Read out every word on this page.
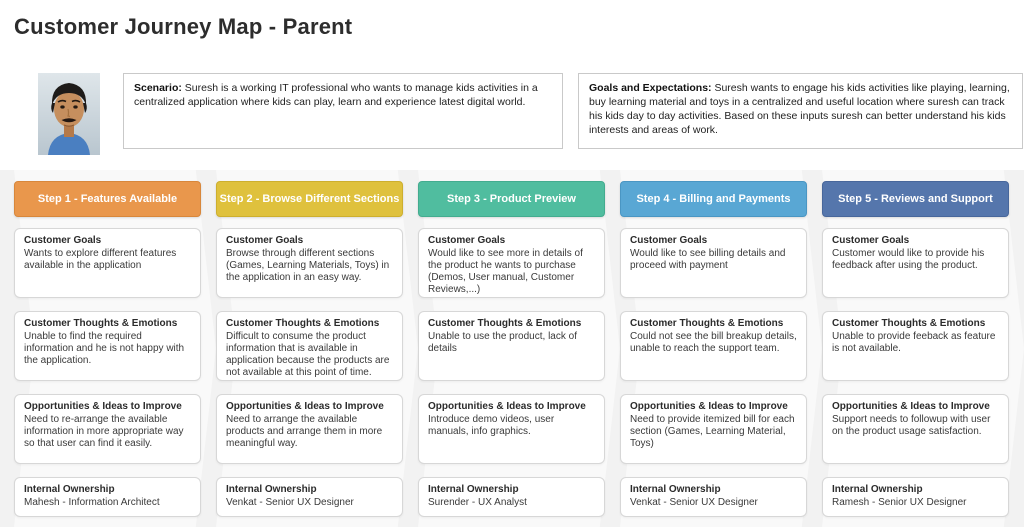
Customer Journey Map - Parent
Scenario: Suresh is a working IT professional who wants to manage kids activities in a centralized application where kids can play, learn and experience latest digital world.
Goals and Expectations: Suresh wants to engage his kids activities like playing, learning, buy learning material and toys in a centralized and useful location where suresh can track his kids day to day activities. Based on these inputs suresh can better understand his kids interests and areas of work.
Step 1 - Features Available
Customer Goals
Wants to explore different features available in the application
Customer Thoughts & Emotions
Unable to find the required information and he is not happy with the application.
Opportunities & Ideas to Improve
Need to re-arrange the available information in more appropriate way so that user can find it easily.
Internal Ownership
Mahesh - Information Architect
Step 2 - Browse Different Sections
Customer Goals
Browse through different sections (Games, Learning Materials, Toys) in the application in an easy way.
Customer Thoughts & Emotions
Difficult to consume the product information that is available in application because the products are not available at this point of time.
Opportunities & Ideas to Improve
Need to arrange the available products and arrange them in more meaningful way.
Internal Ownership
Venkat - Senior UX Designer
Step 3 - Product Preview
Customer Goals
Would like to see more in details of the product he wants to purchase (Demos, User manual, Customer Reviews,...)
Customer Thoughts & Emotions
Unable to use the product, lack of details
Opportunities & Ideas to Improve
Introduce demo videos, user manuals, info graphics.
Internal Ownership
Surender - UX Analyst
Step 4 - Billing and Payments
Customer Goals
Would like to see billing details and proceed with payment
Customer Thoughts & Emotions
Could not see the bill breakup details, unable to reach the support team.
Opportunities & Ideas to Improve
Need to provide itemized bill for each section (Games, Learning Material, Toys)
Internal Ownership
Venkat - Senior UX Designer
Step 5 - Reviews and Support
Customer Goals
Customer would like to provide his feedback after using the product.
Customer Thoughts & Emotions
Unable to provide feeback as feature is not available.
Opportunities & Ideas to Improve
Support needs to followup with user on the product usage satisfaction.
Internal Ownership
Ramesh - Senior UX Designer
